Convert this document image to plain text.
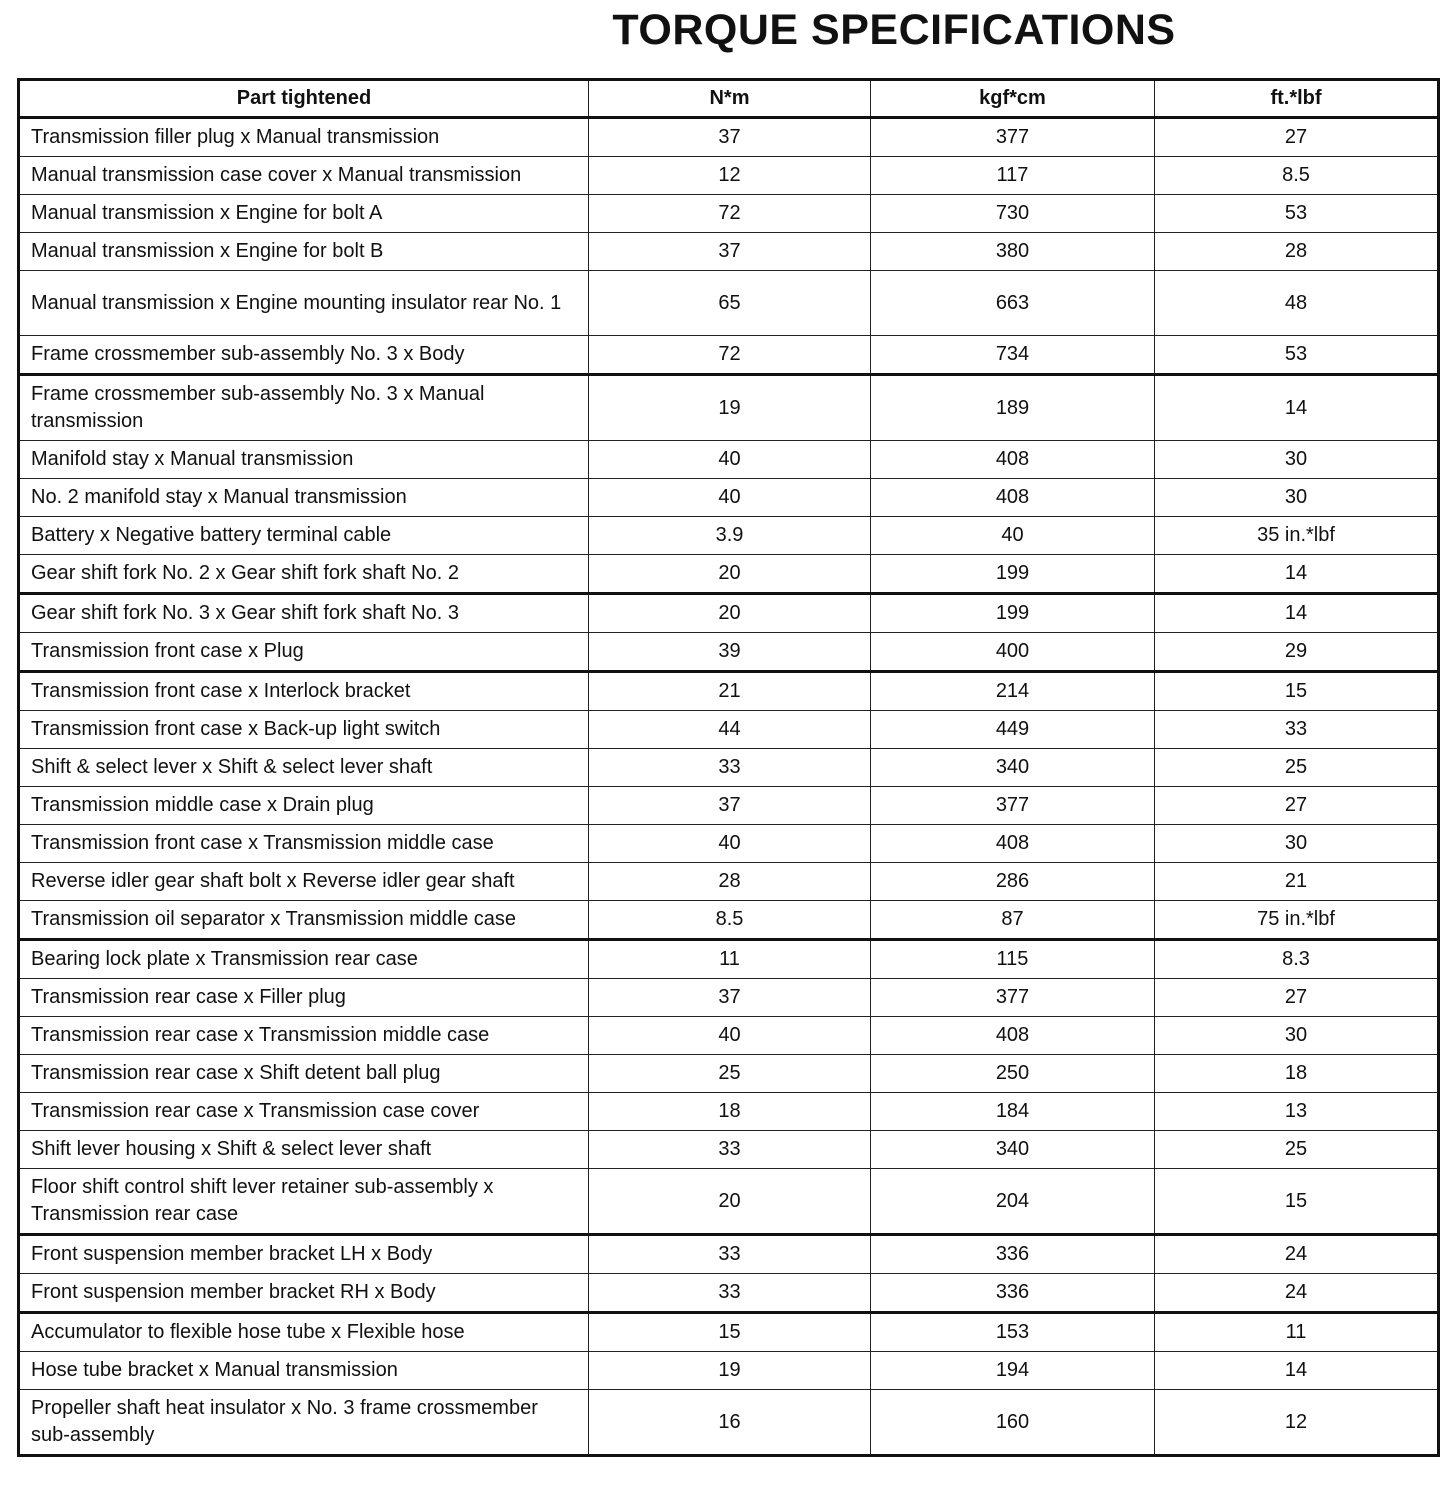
TORQUE SPECIFICATIONS
Part tightened	N*m	kgf*cm	ft.*lbf
Transmission filler plug x Manual transmission	37	377	27
Manual transmission case cover x Manual transmission	12	117	8.5
Manual transmission x Engine for bolt A	72	730	53
Manual transmission x Engine for bolt B	37	380	28
Manual transmission x Engine mounting insulator rear No. 1	65	663	48
Frame crossmember sub-assembly No. 3 x Body	72	734	53
Frame crossmember sub-assembly No. 3 x Manual transmission	19	189	14
Manifold stay x Manual transmission	40	408	30
No. 2 manifold stay x Manual transmission	40	408	30
Battery x Negative battery terminal cable	3.9	40	35 in.*lbf
Gear shift fork No. 2 x Gear shift fork shaft No. 2	20	199	14
Gear shift fork No. 3 x Gear shift fork shaft No. 3	20	199	14
Transmission front case x Plug	39	400	29
Transmission front case x Interlock bracket	21	214	15
Transmission front case x Back-up light switch	44	449	33
Shift & select lever x Shift & select lever shaft	33	340	25
Transmission middle case x Drain plug	37	377	27
Transmission front case x Transmission middle case	40	408	30
Reverse idler gear shaft bolt x Reverse idler gear shaft	28	286	21
Transmission oil separator x Transmission middle case	8.5	87	75 in.*lbf
Bearing lock plate x Transmission rear case	11	115	8.3
Transmission rear case x Filler plug	37	377	27
Transmission rear case x Transmission middle case	40	408	30
Transmission rear case x Shift detent ball plug	25	250	18
Transmission rear case x Transmission case cover	18	184	13
Shift lever housing x Shift & select lever shaft	33	340	25
Floor shift control shift lever retainer sub-assembly x Transmission rear case	20	204	15
Front suspension member bracket LH x Body	33	336	24
Front suspension member bracket RH x Body	33	336	24
Accumulator to flexible hose tube x Flexible hose	15	153	11
Hose tube bracket x Manual transmission	19	194	14
Propeller shaft heat insulator x No. 3 frame crossmember sub-assembly	16	160	12
